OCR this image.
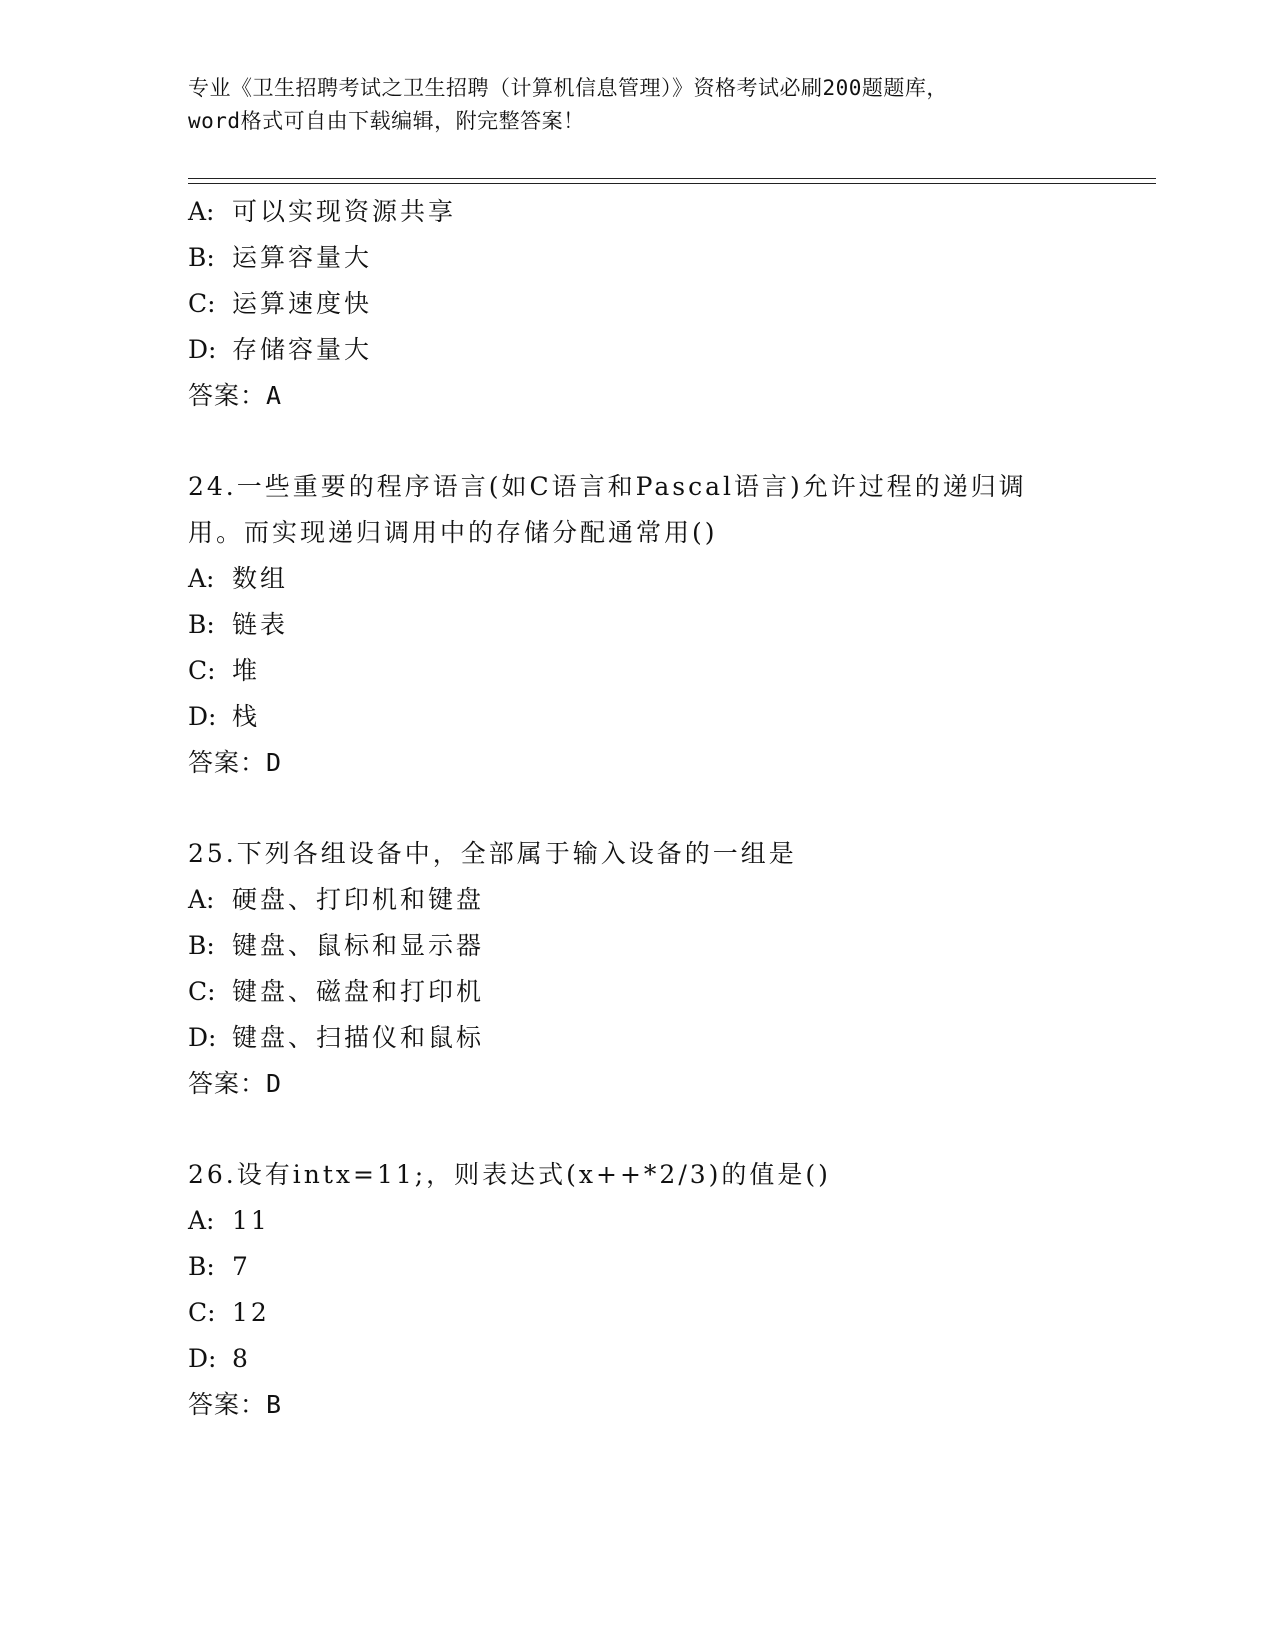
专业《卫生招聘考试之卫生招聘（计算机信息管理）》资格考试必刷200题题库，
word格式可自由下载编辑，附完整答案！
A: 可以实现资源共享
B: 运算容量大
C: 运算速度快
D: 存储容量大
答案：A
24.一些重要的程序语言(如C语言和Pascal语言)允许过程的递归调
用。而实现递归调用中的存储分配通常用()
A: 数组
B: 链表
C: 堆
D: 栈
答案：D
25.下列各组设备中，全部属于输入设备的一组是
A: 硬盘、打印机和键盘
B: 键盘、鼠标和显示器
C: 键盘、磁盘和打印机
D: 键盘、扫描仪和鼠标
答案：D
26.设有intx=11;，则表达式(x++*2/3)的值是()
A: 11
B: 7
C: 12
D: 8
答案：B
